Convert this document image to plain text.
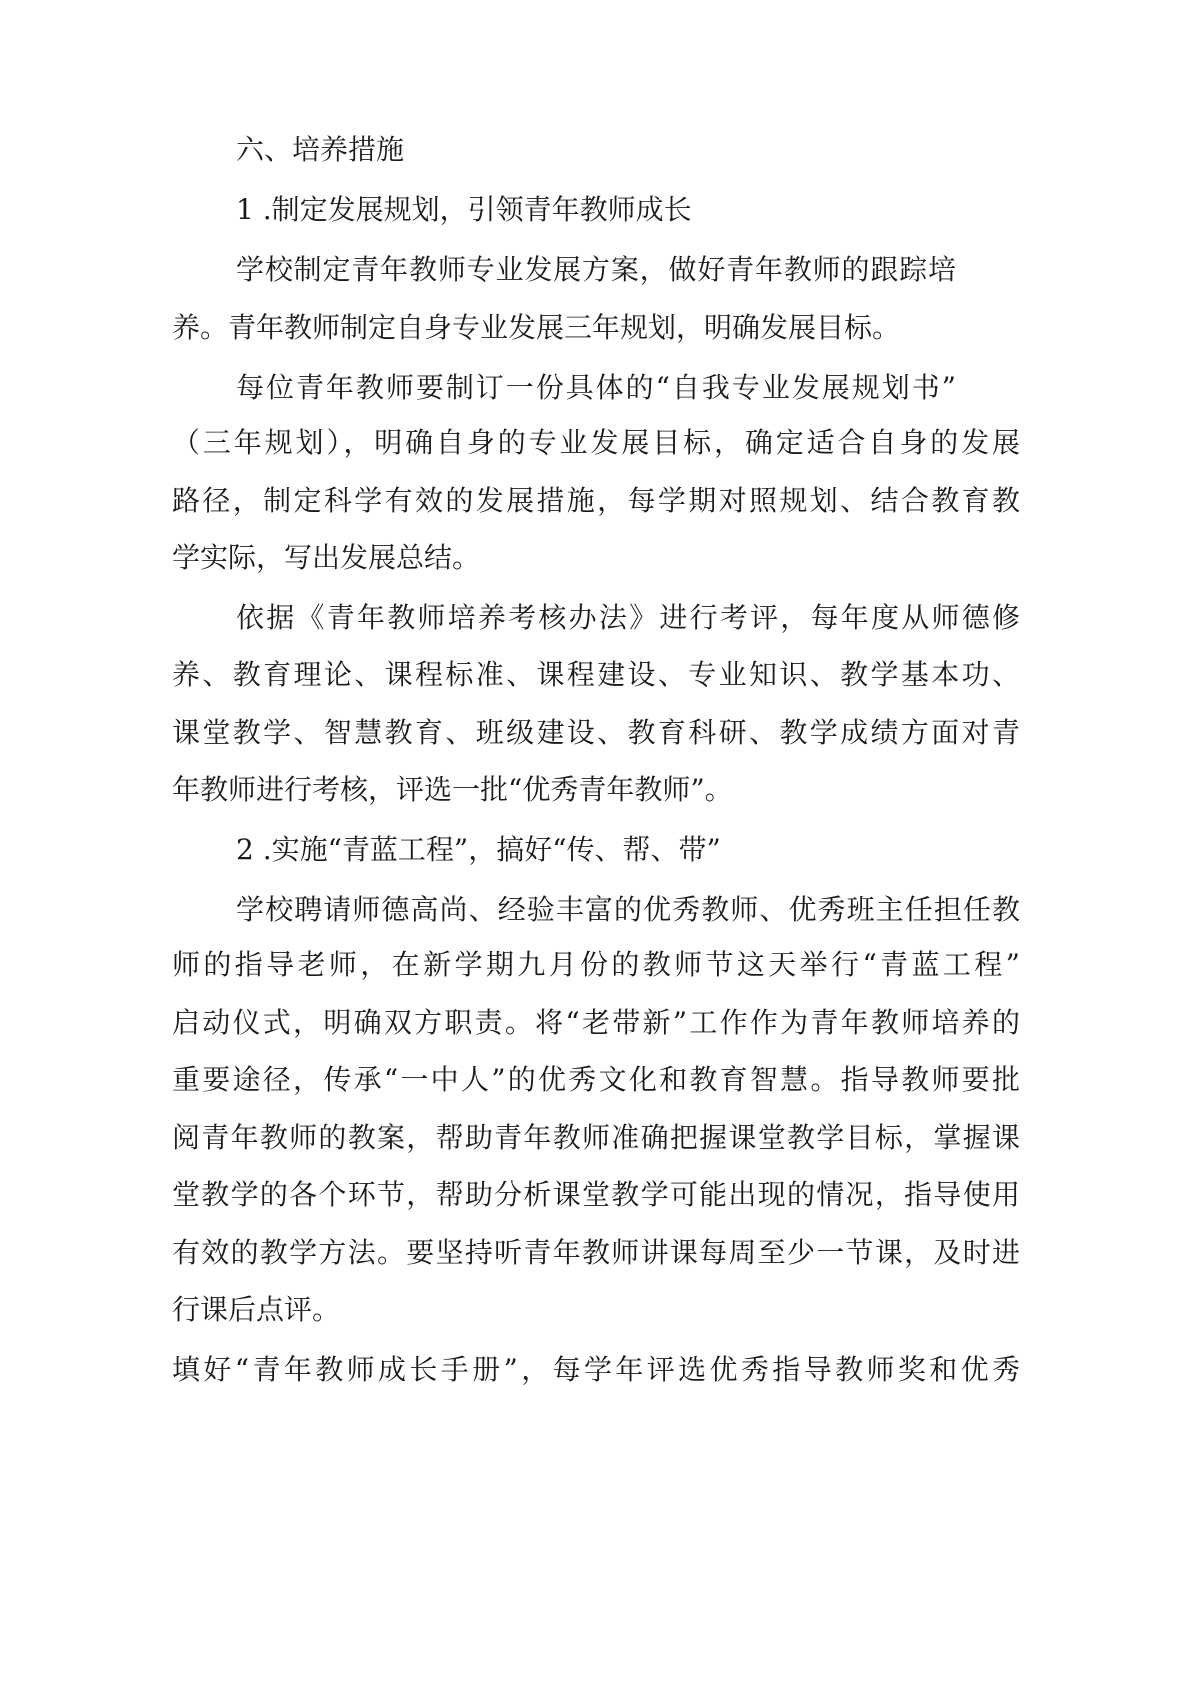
六、培养措施
1 .制定发展规划，引领青年教师成长
学校制定青年教师专业发展方案，做好青年教师的跟踪培
养。青年教师制定自身专业发展三年规划，明确发展目标。
每位青年教师要制订一份具体的“自我专业发展规划书”
（三年规划），明确自身的专业发展目标，确定适合自身的发展
路径，制定科学有效的发展措施，每学期对照规划、结合教育教
学实际，写出发展总结。
依据《青年教师培养考核办法》进行考评，每年度从师德修
养、教育理论、课程标准、课程建设、专业知识、教学基本功、
课堂教学、智慧教育、班级建设、教育科研、教学成绩方面对青
年教师进行考核，评选一批“优秀青年教师”。
2 .实施“青蓝工程”，搞好“传、帮、带”
学校聘请师德高尚、经验丰富的优秀教师、优秀班主任担任教
师的指导老师，在新学期九月份的教师节这天举行“青蓝工程”
启动仪式，明确双方职责。将“老带新”工作作为青年教师培养的
重要途径，传承“一中人”的优秀文化和教育智慧。指导教师要批
阅青年教师的教案，帮助青年教师准确把握课堂教学目标，掌握课
堂教学的各个环节，帮助分析课堂教学可能出现的情况，指导使用
有效的教学方法。要坚持听青年教师讲课每周至少一节课，及时进
行课后点评。
填好“青年教师成长手册”，每学年评选优秀指导教师奖和优秀
